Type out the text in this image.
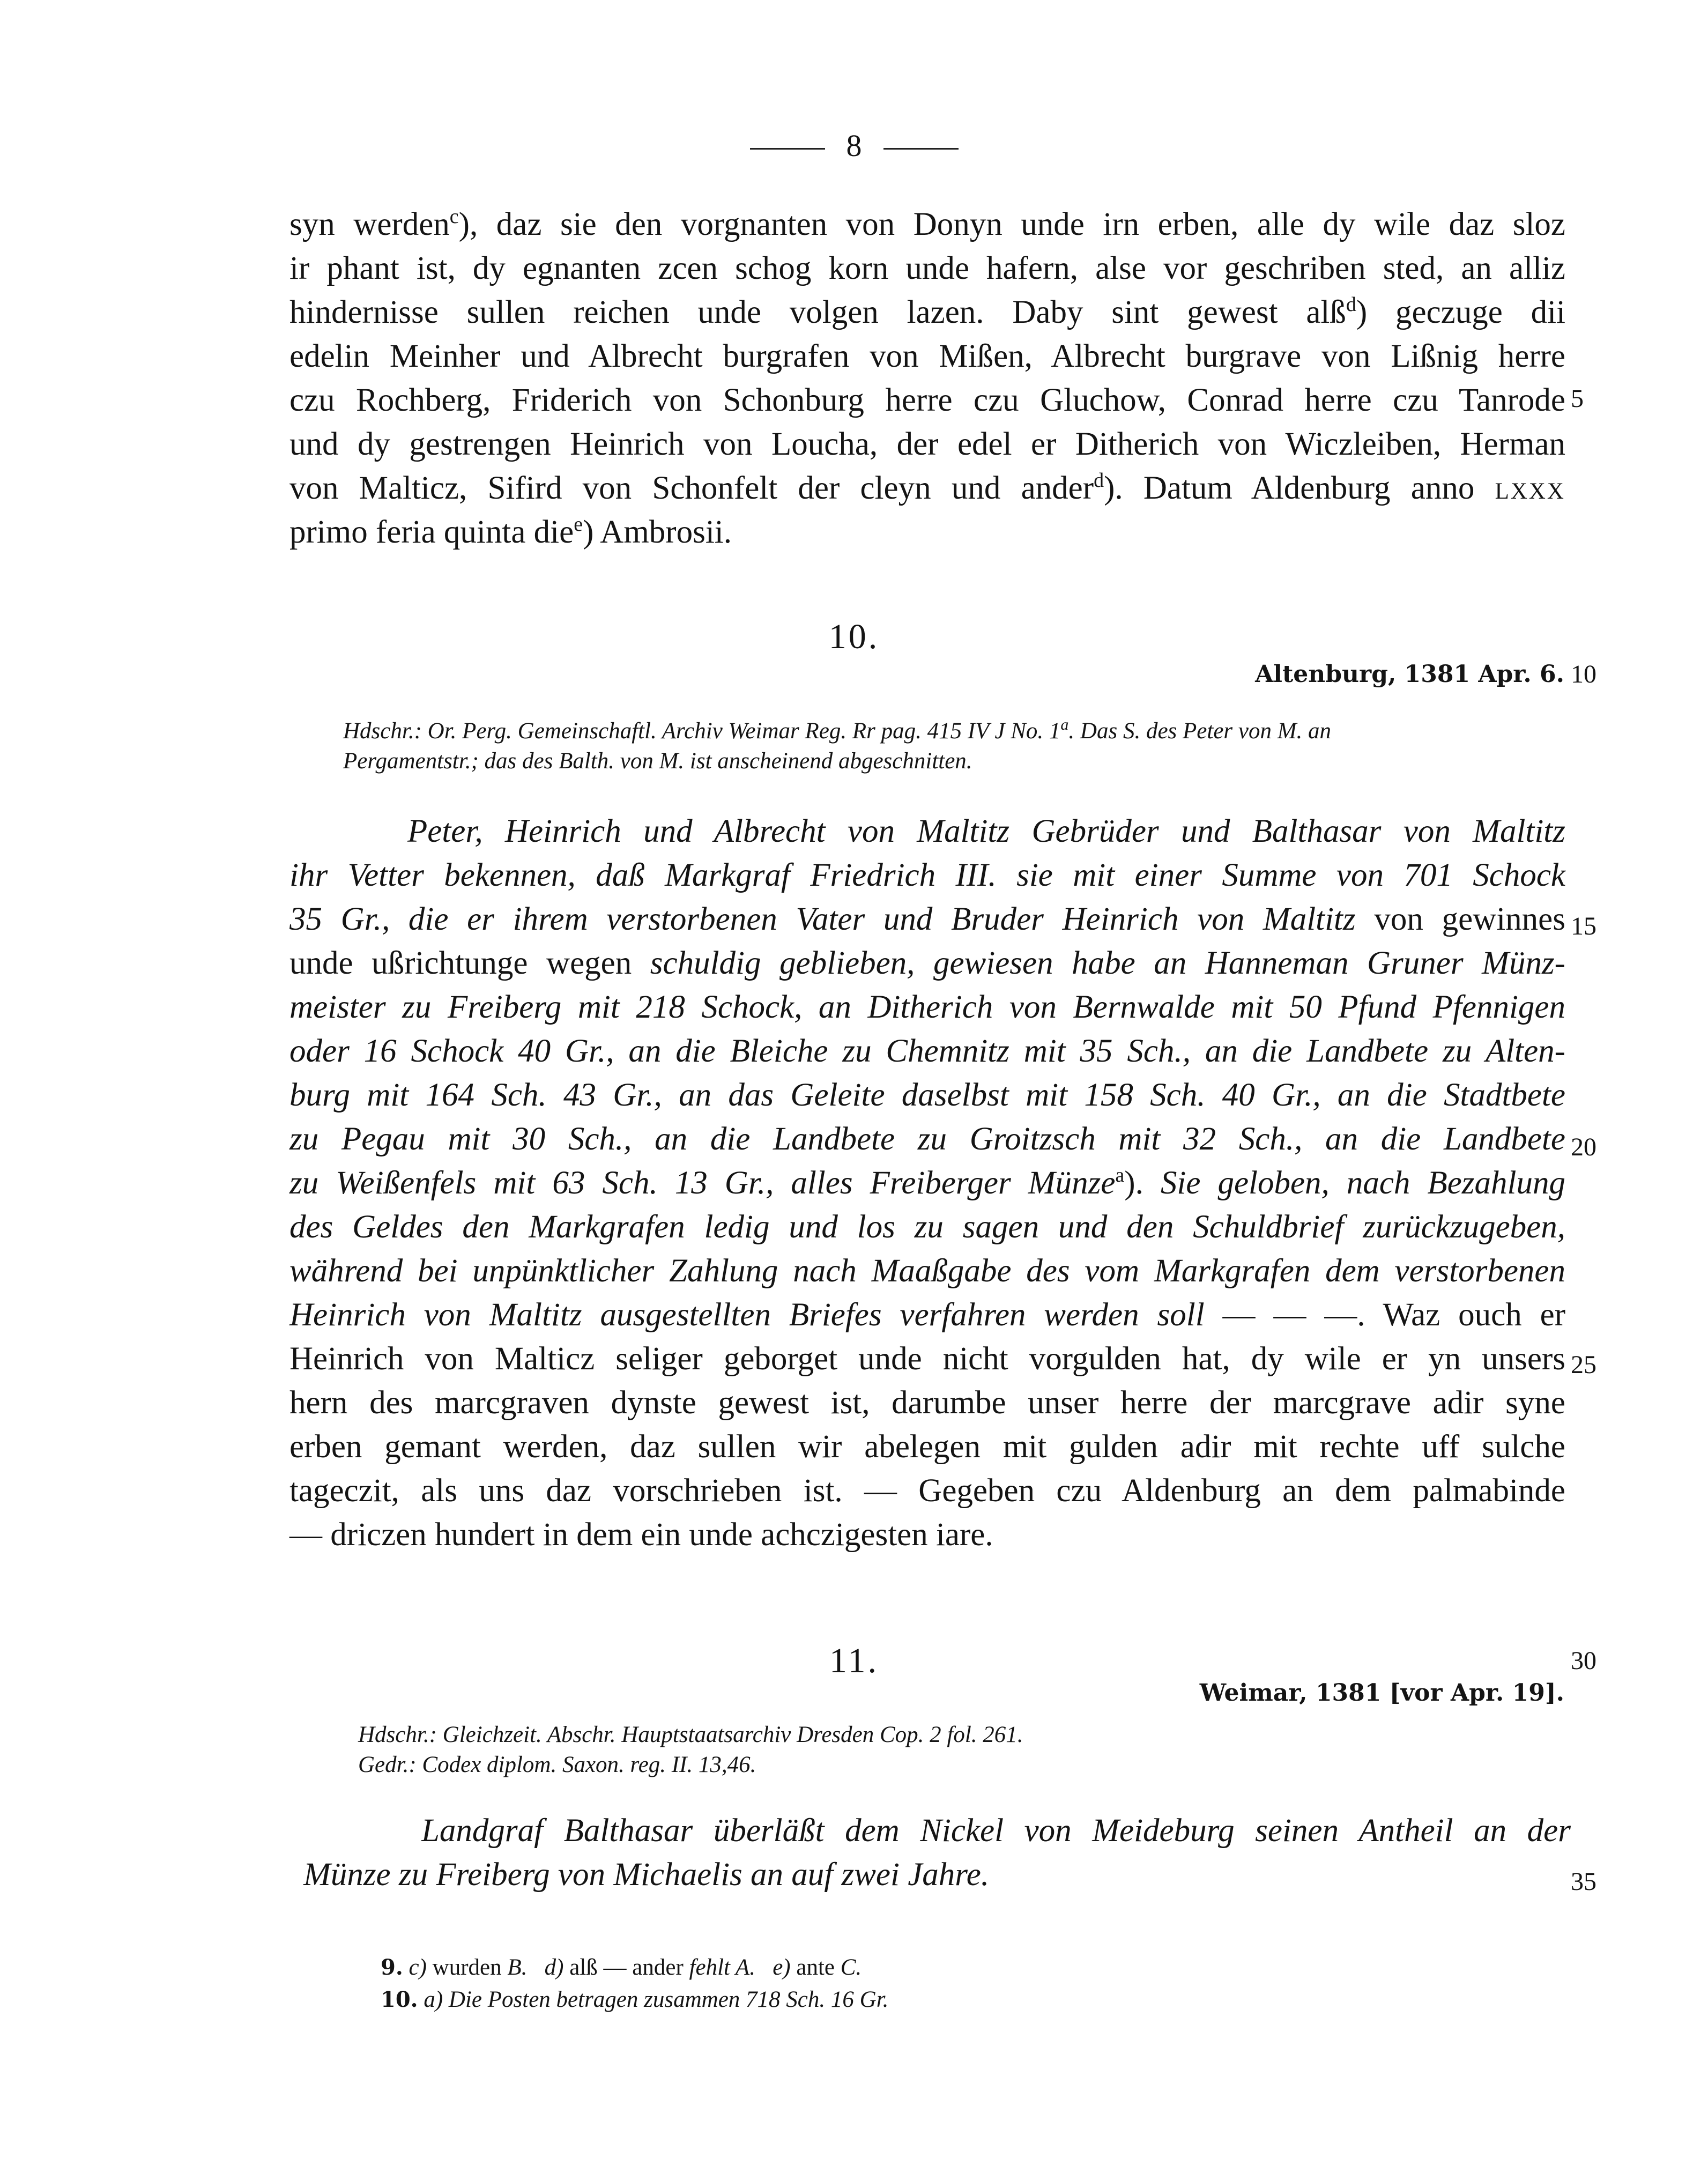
8
syn werden$^c$), daz sie den vorgnanten von Donyn unde irn erben, alle dy wile daz sloz
ir phant ist, dy egnanten zcen schog korn unde hafern, alse vor geschriben sted, an alliz
hindernisse sullen reichen unde volgen lazen. Daby sint gewest alß$^d$) geczuge dii
edelin Meinher und Albrecht burgrafen von Mißen, Albrecht burgrave von Lißnig herre
czu Rochberg, Friderich von Schonburg herre czu Gluchow, Conrad herre czu Tanrode
und dy gestrengen Heinrich von Loucha, der edel er Ditherich von Wiczleiben, Herman
von Malticz, Sifird von Schonfelt der cleyn und ander$^d$). Datum Aldenburg anno lxxx
primo feria quinta die$^e$) Ambrosii.
5
10
15
20
25
30
35
10.
Altenburg, 1381 Apr. 6.
Hdschr.: Or. Perg. Gemeinschaftl. Archiv Weimar Reg. Rr pag. 415 IV J No. 1$^a$. Das S. des Peter von M. an
Pergamentstr.; das des Balth. von M. ist anscheinend abgeschnitten.
Peter, Heinrich und Albrecht von Maltitz Gebrüder und Balthasar von Maltitz
ihr Vetter bekennen, daß Markgraf Friedrich III. sie mit einer Summe von 701 Schock
35 Gr., die er ihrem verstorbenen Vater und Bruder Heinrich von Maltitz von gewinnes
unde ußrichtunge wegen schuldig geblieben, gewiesen habe an Hanneman Gruner Münz-
meister zu Freiberg mit 218 Schock, an Ditherich von Bernwalde mit 50 Pfund Pfennigen
oder 16 Schock 40 Gr., an die Bleiche zu Chemnitz mit 35 Sch., an die Landbete zu Alten-
burg mit 164 Sch. 43 Gr., an das Geleite daselbst mit 158 Sch. 40 Gr., an die Stadtbete
zu Pegau mit 30 Sch., an die Landbete zu Groitzsch mit 32 Sch., an die Landbete
zu Weißenfels mit 63 Sch. 13 Gr., alles Freiberger Münze$^a$). Sie geloben, nach Bezahlung
des Geldes den Markgrafen ledig und los zu sagen und den Schuldbrief zurückzugeben,
während bei unpünktlicher Zahlung nach Maaßgabe des vom Markgrafen dem verstorbenen
Heinrich von Maltitz ausgestellten Briefes verfahren werden soll — — —. Waz ouch er
Heinrich von Malticz seliger geborget unde nicht vorgulden hat, dy wile er yn unsers
hern des marcgraven dynste gewest ist, darumbe unser herre der marcgrave adir syne
erben gemant werden, daz sullen wir abelegen mit gulden adir mit rechte uff sulche
tageczit, als uns daz vorschrieben ist. — Gegeben czu Aldenburg an dem palmabinde
— driczen hundert in dem ein unde achczigesten iare.
11.
Weimar, 1381 [vor Apr. 19].
Hdschr.: Gleichzeit. Abschr. Hauptstaatsarchiv Dresden Cop. 2 fol. 261.
Gedr.: Codex diplom. Saxon. reg. II. 13,46.
Landgraf Balthasar überläßt dem Nickel von Meideburg seinen Antheil an der
Münze zu Freiberg von Michaelis an auf zwei Jahre.
9. c) wurden B. d) alß — ander fehlt A. e) ante C.
10. a) Die Posten betragen zusammen 718 Sch. 16 Gr.
